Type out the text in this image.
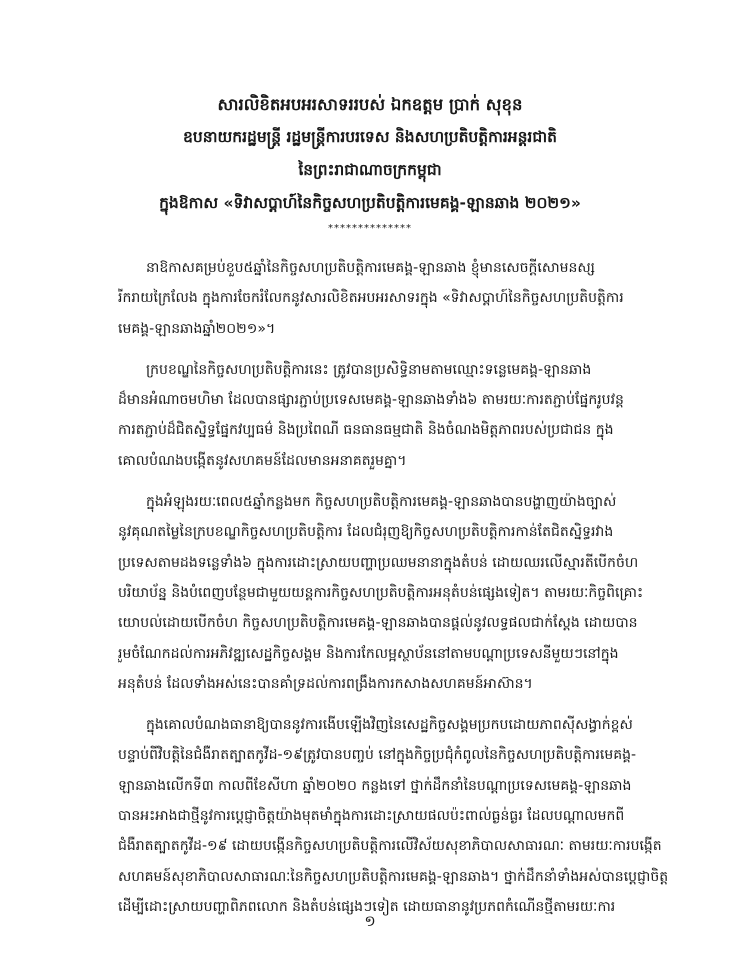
សារលិខិតអបអរសាទររបស់ ឯកឧត្តម ប្រាក់ សុខុន
ឧបនាយករដ្ឋមន្ត្រី រដ្ឋមន្ត្រីការបរទេស និងសហប្រតិបត្តិការអន្តរជាតិ
នៃព្រះរាជាណាចក្រកម្ពុជា
ក្នុងឱកាស «ទិវាសប្តាហ៍នៃកិច្ចសហប្រតិបត្តិការមេគង្គ-ឡានឆាង ២០២១»
**************
នាឱកាសគម្រប់ខួប៥ឆ្នាំនៃកិច្ចសហប្រតិបត្តិការមេគង្គ-ឡានឆាង ខ្ញុំមានសេចក្តីសោមនស្ស
រីករាយក្រៃលែង ក្នុងការចែករំលែកនូវសារលិខិតអបអរសាទរក្នុង «ទិវាសប្តាហ៍នៃកិច្ចសហប្រតិបត្តិការ
មេគង្គ-ឡានឆាងឆ្នាំ២០២១»។
ក្របខណ្ឌនៃកិច្ចសហប្រតិបត្តិការនេះ ត្រូវបានប្រសិទ្ធិនាមតាមឈ្មោះទន្លេមេគង្គ-ឡានឆាង
ដ៏មានអំណាចមហិមា ដែលបានផ្សារភ្ជាប់ប្រទេសមេគង្គ-ឡានឆាងទាំង៦ តាមរយៈការតភ្ជាប់ផ្នែករូបវន្ត
ការតភ្ជាប់ដ៏ជិតស្និទ្ធផ្នែកវប្បធម៌ និងប្រពៃណី ធនធានធម្មជាតិ និងចំណងមិត្តភាពរបស់ប្រជាជន ក្នុង
គោលបំណងបង្កើតនូវសហគមន៍ដែលមានអនាគតរួមគ្នា។
ក្នុងអំឡុងរយៈពេល៥ឆ្នាំកន្លងមក កិច្ចសហប្រតិបត្តិការមេគង្គ-ឡានឆាងបានបង្ហាញយ៉ាងច្បាស់
នូវគុណតម្លៃនៃក្របខណ្ឌកិច្ចសហប្រតិបត្តិការ ដែលជំរុញឱ្យកិច្ចសហប្រតិបត្តិការកាន់តែជិតស្និទ្ធរវាង
ប្រទេសតាមដងទន្លេទាំង៦ ក្នុងការដោះស្រាយបញ្ហាប្រឈមនានាក្នុងតំបន់ ដោយឈរលើស្មារតីបើកចំហ
បរិយាប័ន្ន និងបំពេញបន្ថែមជាមួយយន្តការកិច្ចសហប្រតិបត្តិការអនុតំបន់ផ្សេងទៀត។ តាមរយៈកិច្ចពិគ្រោះ
យោបល់ដោយបើកចំហ កិច្ចសហប្រតិបត្តិការមេគង្គ-ឡានឆាងបានផ្តល់នូវលទ្ធផលជាក់ស្តែង ដោយបាន
រួមចំណែកដល់ការអភិវឌ្ឍសេដ្ឋកិច្ចសង្គម និងការកែលម្អស្ថាប័ននៅតាមបណ្តាប្រទេសនីមួយៗនៅក្នុង
អនុតំបន់ ដែលទាំងអស់នេះបានគាំទ្រដល់ការពង្រឹងការកសាងសហគមន៍អាស៊ាន។
ក្នុងគោលបំណងធានាឱ្យបាននូវការងើបឡើងវិញនៃសេដ្ឋកិច្ចសង្គមប្រកបដោយភាពស៊ីសង្វាក់ខ្ពស់
បន្ទាប់ពីវិបត្តិនៃជំងឺរាតត្បាតកូវីដ-១៩ត្រូវបានបញ្ចប់ នៅក្នុងកិច្ចប្រជុំកំពូលនៃកិច្ចសហប្រតិបត្តិការមេគង្គ-
ឡានឆាងលើកទី៣ កាលពីខែសីហា ឆ្នាំ២០២០ កន្លងទៅ ថ្នាក់ដឹកនាំនៃបណ្តាប្រទេសមេគង្គ-ឡានឆាង
បានអះអាងជាថ្មីនូវការប្តេជ្ញាចិត្តយ៉ាងមុតមាំក្នុងការដោះស្រាយផលប៉ះពាល់ធ្ងន់ធ្ងរ ដែលបណ្តាលមកពី
ជំងឺរាតត្បាតកូវីដ-១៩ ដោយបង្កើនកិច្ចសហប្រតិបត្តិការលើវិស័យសុខាភិបាលសាធារណៈ តាមរយៈការបង្កើត
សហគមន៍សុខាភិបាលសាធារណៈនៃកិច្ចសហប្រតិបត្តិការមេគង្គ-ឡានឆាង។ ថ្នាក់ដឹកនាំទាំងអស់បានប្តេជ្ញាចិត្ត
ដើម្បីដោះស្រាយបញ្ហាពិភពលោក និងតំបន់ផ្សេងៗទៀត ដោយធានានូវប្រភពកំណើនថ្មីតាមរយៈការ
១
